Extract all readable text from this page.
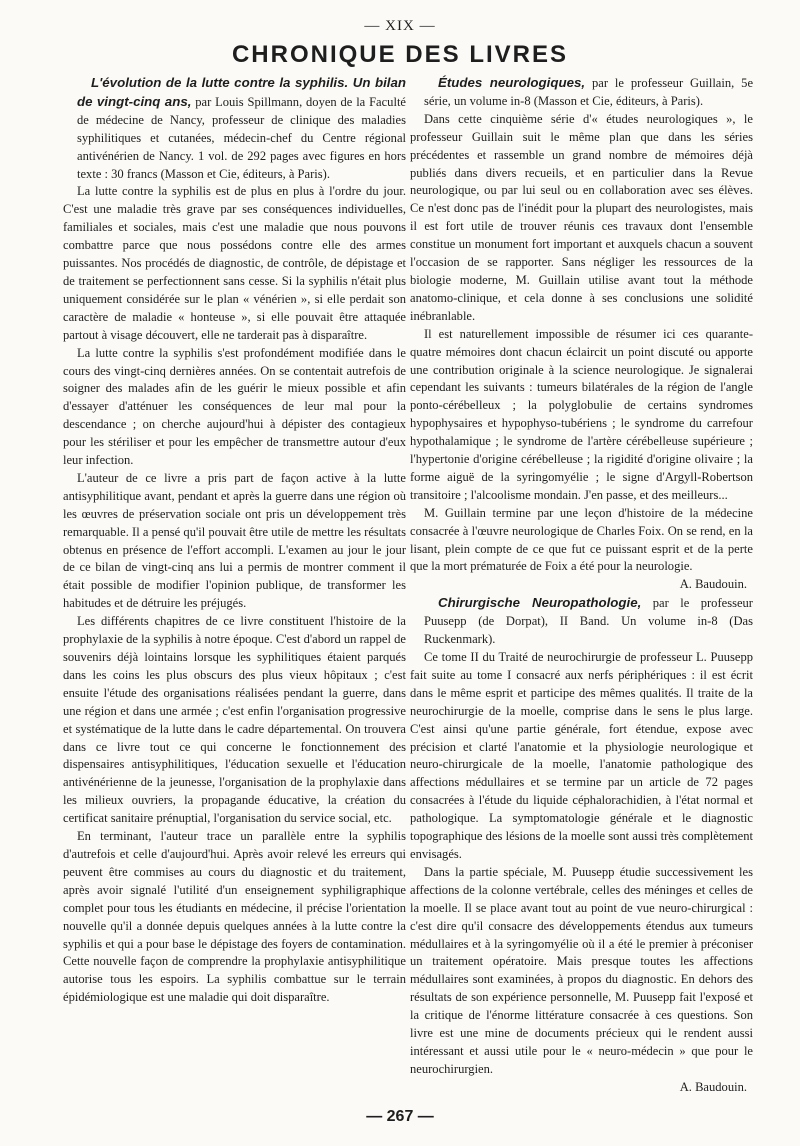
— XIX —
CHRONIQUE DES LIVRES

L'évolution de la lutte contre la syphilis. Un bilan de vingt-cinq ans, par Louis Spillmann, doyen de la Faculté de médecine de Nancy, professeur de clinique des maladies syphilitiques et cutanées, médecin-chef du Centre régional antivénérien de Nancy. 1 vol. de 292 pages avec figures en hors texte : 30 francs (Masson et Cie, éditeurs, à Paris).

La lutte contre la syphilis est de plus en plus à l'ordre du jour. C'est une maladie très grave par ses conséquences individuelles, familiales et sociales, mais c'est une maladie que nous pouvons combattre parce que nous possédons contre elle des armes puissantes. Nos procédés de diagnostic, de contrôle, de dépistage et de traitement se perfectionnent sans cesse. Si la syphilis n'était plus uniquement considérée sur le plan « vénérien », si elle perdait son caractère de maladie « honteuse », si elle pouvait être attaquée partout à visage découvert, elle ne tarderait pas à disparaître.

La lutte contre la syphilis s'est profondément modifiée dans le cours des vingt-cinq dernières années. On se contentait autrefois de soigner des malades afin de les guérir le mieux possible et afin d'essayer d'atténuer les conséquences de leur mal pour la descendance ; on cherche aujourd'hui à dépister des contagieux pour les stériliser et pour les empêcher de transmettre autour d'eux leur infection.

L'auteur de ce livre a pris part de façon active à la lutte antisyphilitique avant, pendant et après la guerre dans une région où les œuvres de préservation sociale ont pris un développement très remarquable. Il a pensé qu'il pouvait être utile de mettre les résultats obtenus en présence de l'effort accompli. L'examen au jour le jour de ce bilan de vingt-cinq ans lui a permis de montrer comment il était possible de modifier l'opinion publique, de transformer les habitudes et de détruire les préjugés.

Les différents chapitres de ce livre constituent l'histoire de la prophylaxie de la syphilis à notre époque. C'est d'abord un rappel de souvenirs déjà lointains lorsque les syphilitiques étaient parqués dans les coins les plus obscurs des plus vieux hôpitaux ; c'est ensuite l'étude des organisations réalisées pendant la guerre, dans une région et dans une armée ; c'est enfin l'organisation progressive et systématique de la lutte dans le cadre départemental. On trouvera dans ce livre tout ce qui concerne le fonctionnement des dispensaires antisyphilitiques, l'éducation sexuelle et l'éducation antivénérienne de la jeunesse, l'organisation de la prophylaxie dans les milieux ouvriers, la propagande éducative, la création du certificat sanitaire prénuptial, l'organisation du service social, etc.

En terminant, l'auteur trace un parallèle entre la syphilis d'autrefois et celle d'aujourd'hui. Après avoir relevé les erreurs qui peuvent être commises au cours du diagnostic et du traitement, après avoir signalé l'utilité d'un enseignement syphiligraphique complet pour tous les étudiants en médecine, il précise l'orientation nouvelle qu'il a donnée depuis quelques années à la lutte contre la syphilis et qui a pour base le dépistage des foyers de contamination. Cette nouvelle façon de comprendre la prophylaxie antisyphilitique autorise tous les espoirs. La syphilis combattue sur le terrain épidémiologique est une maladie qui doit disparaître.

Études neurologiques, par le professeur Guillain, 5e série, un volume in-8 (Masson et Cie, éditeurs, à Paris).

Dans cette cinquième série d'« études neurologiques », le professeur Guillain suit le même plan que dans les séries précédentes et rassemble un grand nombre de mémoires déjà publiés dans divers recueils, et en particulier dans la Revue neurologique, ou par lui seul ou en collaboration avec ses élèves. Ce n'est donc pas de l'inédit pour la plupart des neurologistes, mais il est fort utile de trouver réunis ces travaux dont l'ensemble constitue un monument fort important et auxquels chacun a souvent l'occasion de se rapporter. Sans négliger les ressources de la biologie moderne, M. Guillain utilise avant tout la méthode anatomo-clinique, et cela donne à ses conclusions une solidité inébranlable.

Il est naturellement impossible de résumer ici ces quarante-quatre mémoires dont chacun éclaircit un point discuté ou apporte une contribution originale à la science neurologique. Je signalerai cependant les suivants : tumeurs bilatérales de la région de l'angle ponto-cérébelleux ; la polyglobulie de certains syndromes hypophysaires et hypophyso-tubériens ; le syndrome du carrefour hypothalamique ; le syndrome de l'artère cérébelleuse supérieure ; l'hypertonie d'origine cérébelleuse ; la rigidité d'origine olivaire ; la forme aiguë de la syringomyélie ; le signe d'Argyll-Robertson transitoire ; l'alcoolisme mondain. J'en passe, et des meilleurs...

M. Guillain termine par une leçon d'histoire de la médecine consacrée à l'œuvre neurologique de Charles Foix. On se rend, en la lisant, plein compte de ce que fut ce puissant esprit et de la perte que la mort prématurée de Foix a été pour la neurologie.

A. Baudouin.

Chirurgische Neuropathologie, par le professeur Puusepp (de Dorpat), II Band. Un volume in-8 (Das Ruckenmark).

Ce tome II du Traité de neurochirurgie de professeur L. Puusepp fait suite au tome I consacré aux nerfs périphériques : il est écrit dans le même esprit et participe des mêmes qualités. Il traite de la neurochirurgie de la moelle, comprise dans le sens le plus large. C'est ainsi qu'une partie générale, fort étendue, expose avec précision et clarté l'anatomie et la physiologie neurologique et neuro-chirurgicale de la moelle, l'anatomie pathologique des affections médullaires et se termine par un article de 72 pages consacrées à l'étude du liquide céphalorachidien, à l'état normal et pathologique. La symptomatologie générale et le diagnostic topographique des lésions de la moelle sont aussi très complètement envisagés.

Dans la partie spéciale, M. Puusepp étudie successivement les affections de la colonne vertébrale, celles des méninges et celles de la moelle. Il se place avant tout au point de vue neuro-chirurgical : c'est dire qu'il consacre des développements étendus aux tumeurs médullaires et à la syringomyélie où il a été le premier à préconiser un traitement opératoire. Mais presque toutes les affections médullaires sont examinées, à propos du diagnostic. En dehors des résultats de son expérience personnelle, M. Puusepp fait l'exposé et la critique de l'énorme littérature consacrée à ces questions. Son livre est une mine de documents précieux qui le rendent aussi intéressant et aussi utile pour le « neuro-médecin » que pour le neurochirurgien.

A. Baudouin.

— 267 —
